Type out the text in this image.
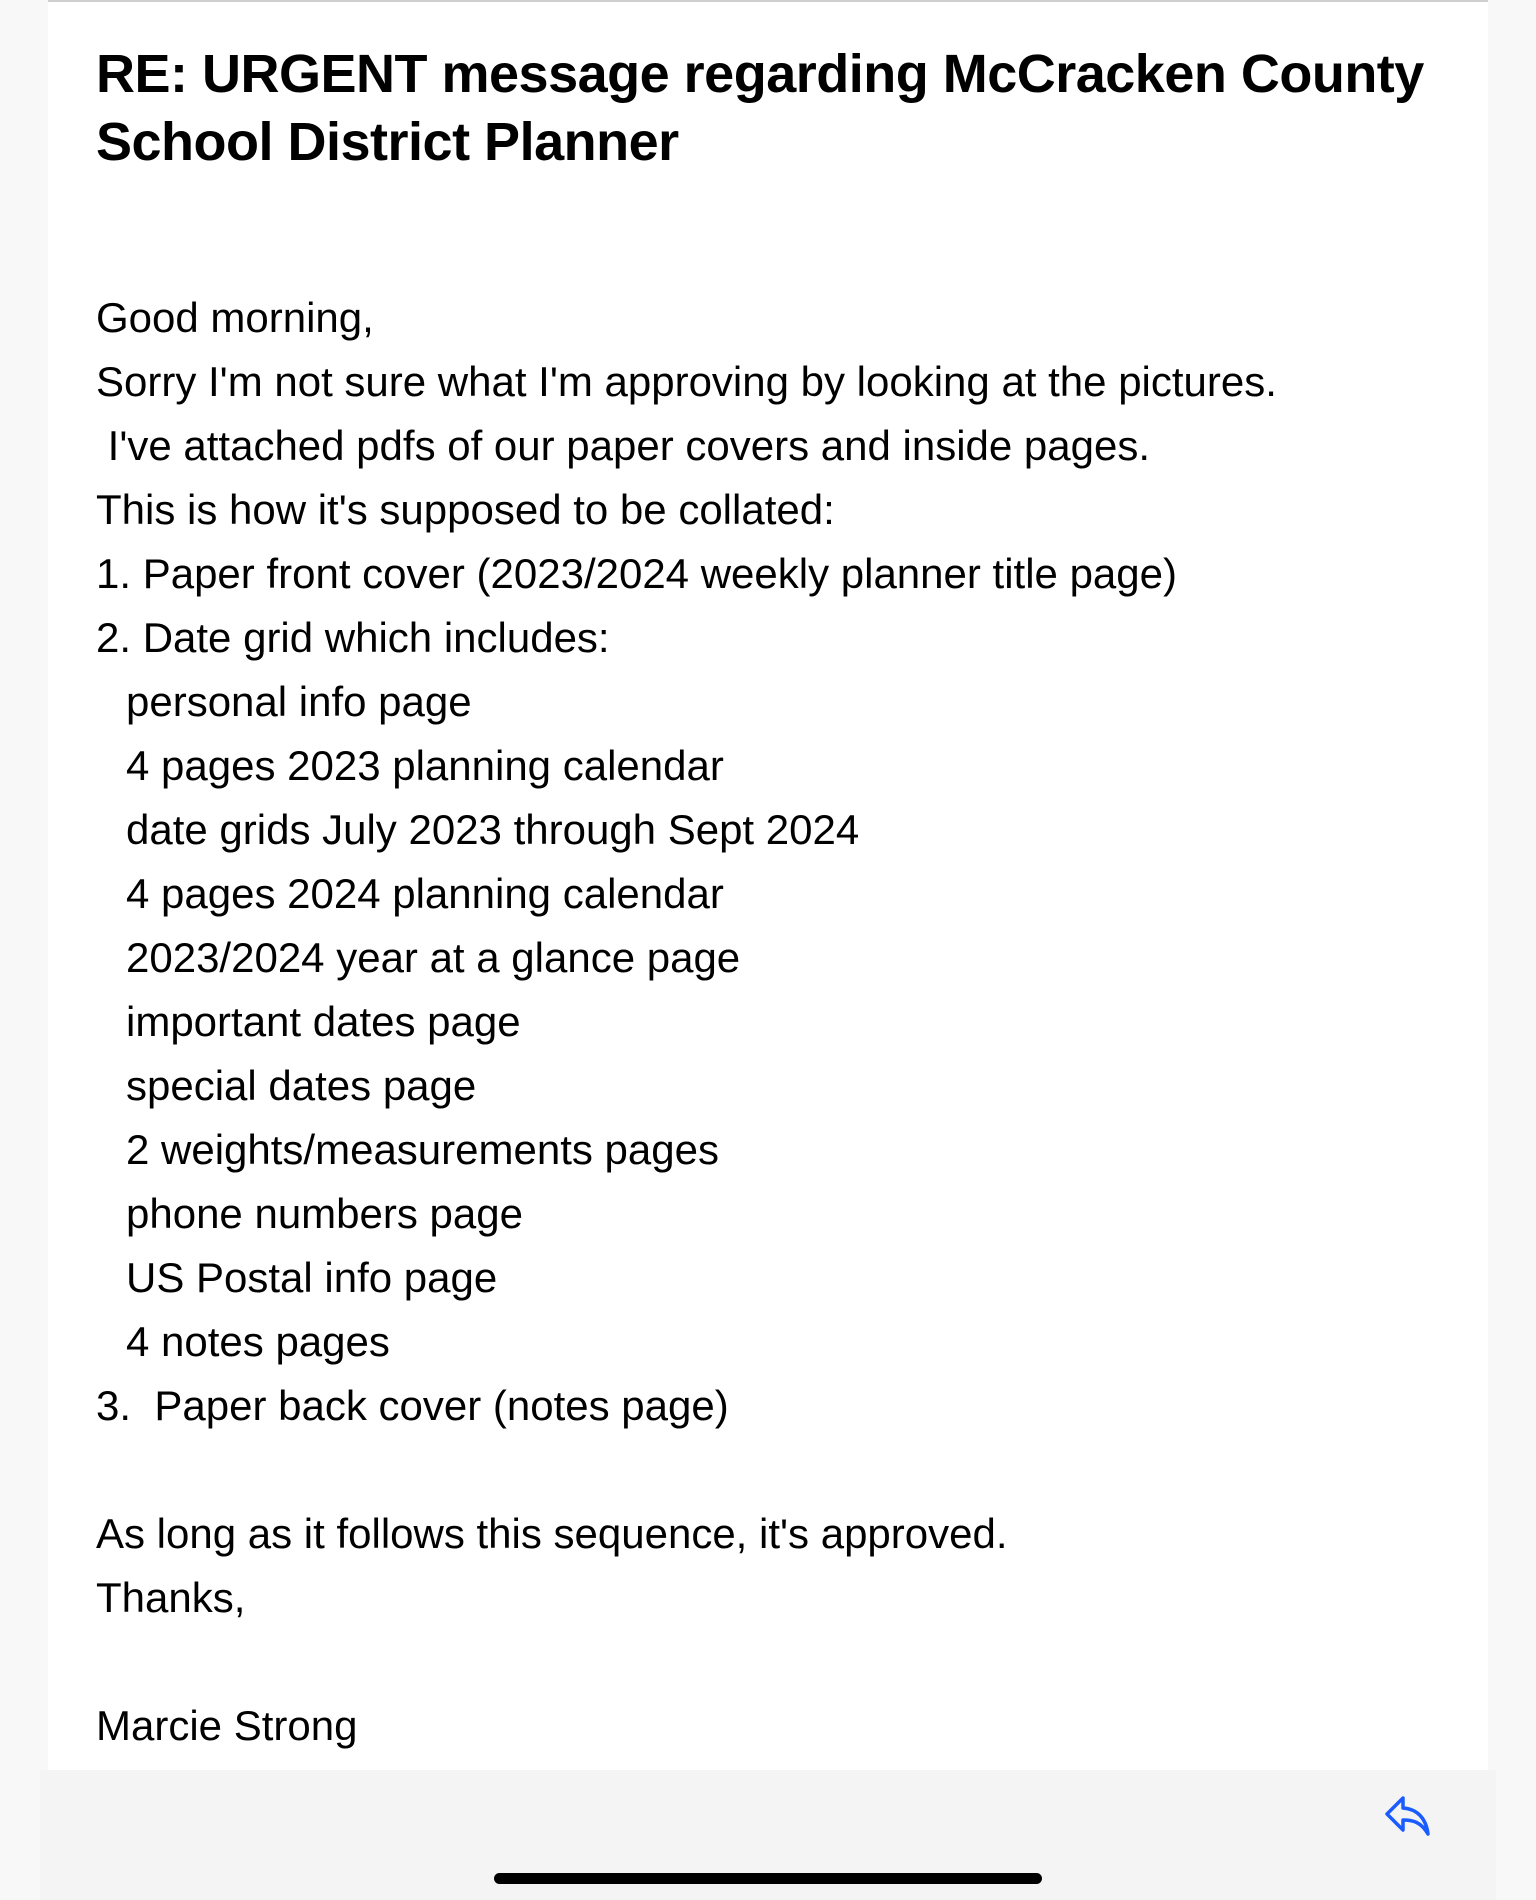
RE: URGENT message regarding McCracken County School District Planner
Good morning,
Sorry I'm not sure what I'm approving by looking at the pictures.
I've attached pdfs of our paper covers and inside pages.
This is how it's supposed to be collated:
1. Paper front cover (2023/2024 weekly planner title page)
2. Date grid which includes:
personal info page
4 pages 2023 planning calendar
date grids July 2023 through Sept 2024
4 pages 2024 planning calendar
2023/2024 year at a glance page
important dates page
special dates page
2 weights/measurements pages
phone numbers page
US Postal info page
4 notes pages
3.  Paper back cover (notes page)
As long as it follows this sequence, it's approved.
Thanks,
Marcie Strong
